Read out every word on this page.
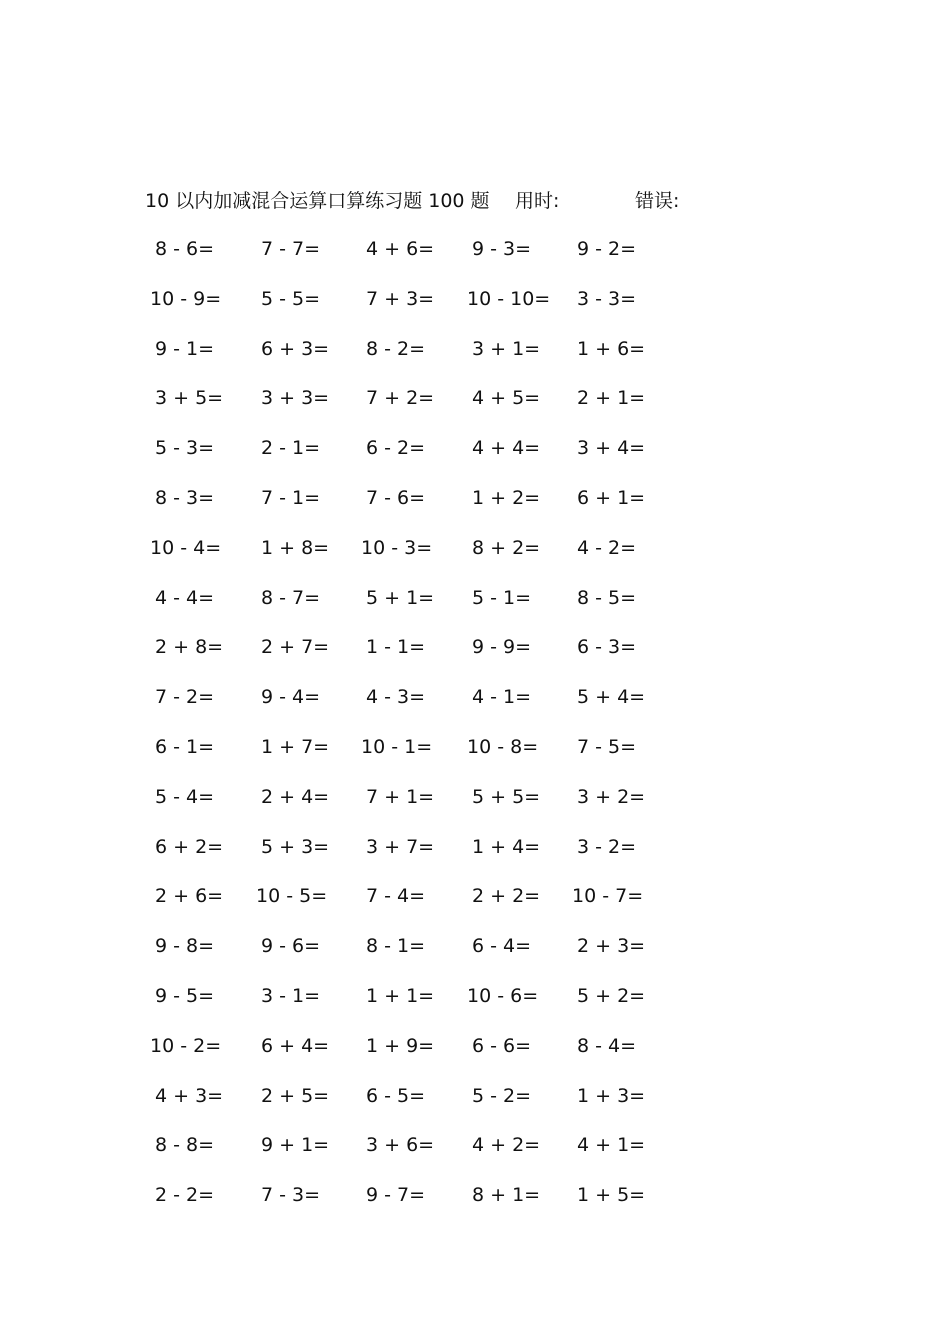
10 以内加减混合运算口算练习题 100 题 用时:	错误:
8 - 6= 7 - 7= 4 + 6= 9 - 3= 9 - 2=
10 - 9= 5 - 5= 7 + 3= 10 - 10= 3 - 3=
9 - 1= 6 + 3= 8 - 2= 3 + 1= 1 + 6=
3 + 5= 3 + 3= 7 + 2= 4 + 5= 2 + 1=
5 - 3= 2 - 1= 6 - 2= 4 + 4= 3 + 4=
8 - 3= 7 - 1= 7 - 6= 1 + 2= 6 + 1=
10 - 4= 1 + 8= 10 - 3= 8 + 2= 4 - 2=
4 - 4= 8 - 7= 5 + 1= 5 - 1= 8 - 5=
2 + 8= 2 + 7= 1 - 1= 9 - 9= 6 - 3=
7 - 2= 9 - 4= 4 - 3= 4 - 1= 5 + 4=
6 - 1= 1 + 7= 10 - 1= 10 - 8= 7 - 5=
5 - 4= 2 + 4= 7 + 1= 5 + 5= 3 + 2=
6 + 2= 5 + 3= 3 + 7= 1 + 4= 3 - 2=
2 + 6= 10 - 5= 7 - 4= 2 + 2= 10 - 7=
9 - 8= 9 - 6= 8 - 1= 6 - 4= 2 + 3=
9 - 5= 3 - 1= 1 + 1= 10 - 6= 5 + 2=
10 - 2= 6 + 4= 1 + 9= 6 - 6= 8 - 4=
4 + 3= 2 + 5= 6 - 5= 5 - 2= 1 + 3=
8 - 8= 9 + 1= 3 + 6= 4 + 2= 4 + 1=
2 - 2= 7 - 3= 9 - 7= 8 + 1= 1 + 5=
